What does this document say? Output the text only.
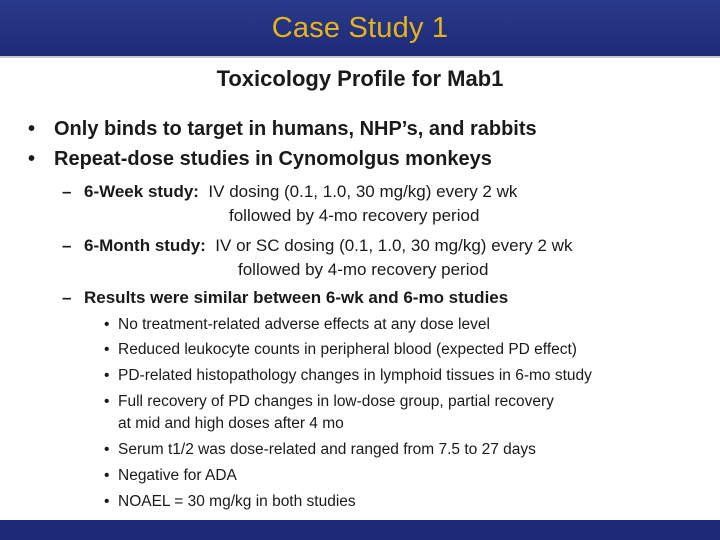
Case Study 1
Toxicology Profile for Mab1
• Only binds to target in humans, NHP’s, and rabbits
• Repeat-dose studies in Cynomolgus monkeys
– 6-Week study: IV dosing (0.1, 1.0, 30 mg/kg) every 2 wk
followed by 4-mo recovery period
– 6-Month study: IV or SC dosing (0.1, 1.0, 30 mg/kg) every 2 wk
followed by 4-mo recovery period
– Results were similar between 6-wk and 6-mo studies
• No treatment-related adverse effects at any dose level
• Reduced leukocyte counts in peripheral blood (expected PD effect)
• PD-related histopathology changes in lymphoid tissues in 6-mo study
• Full recovery of PD changes in low-dose group, partial recovery
at mid and high doses after 4 mo
• Serum t1/2 was dose-related and ranged from 7.5 to 27 days
• Negative for ADA
• NOAEL = 30 mg/kg in both studies
